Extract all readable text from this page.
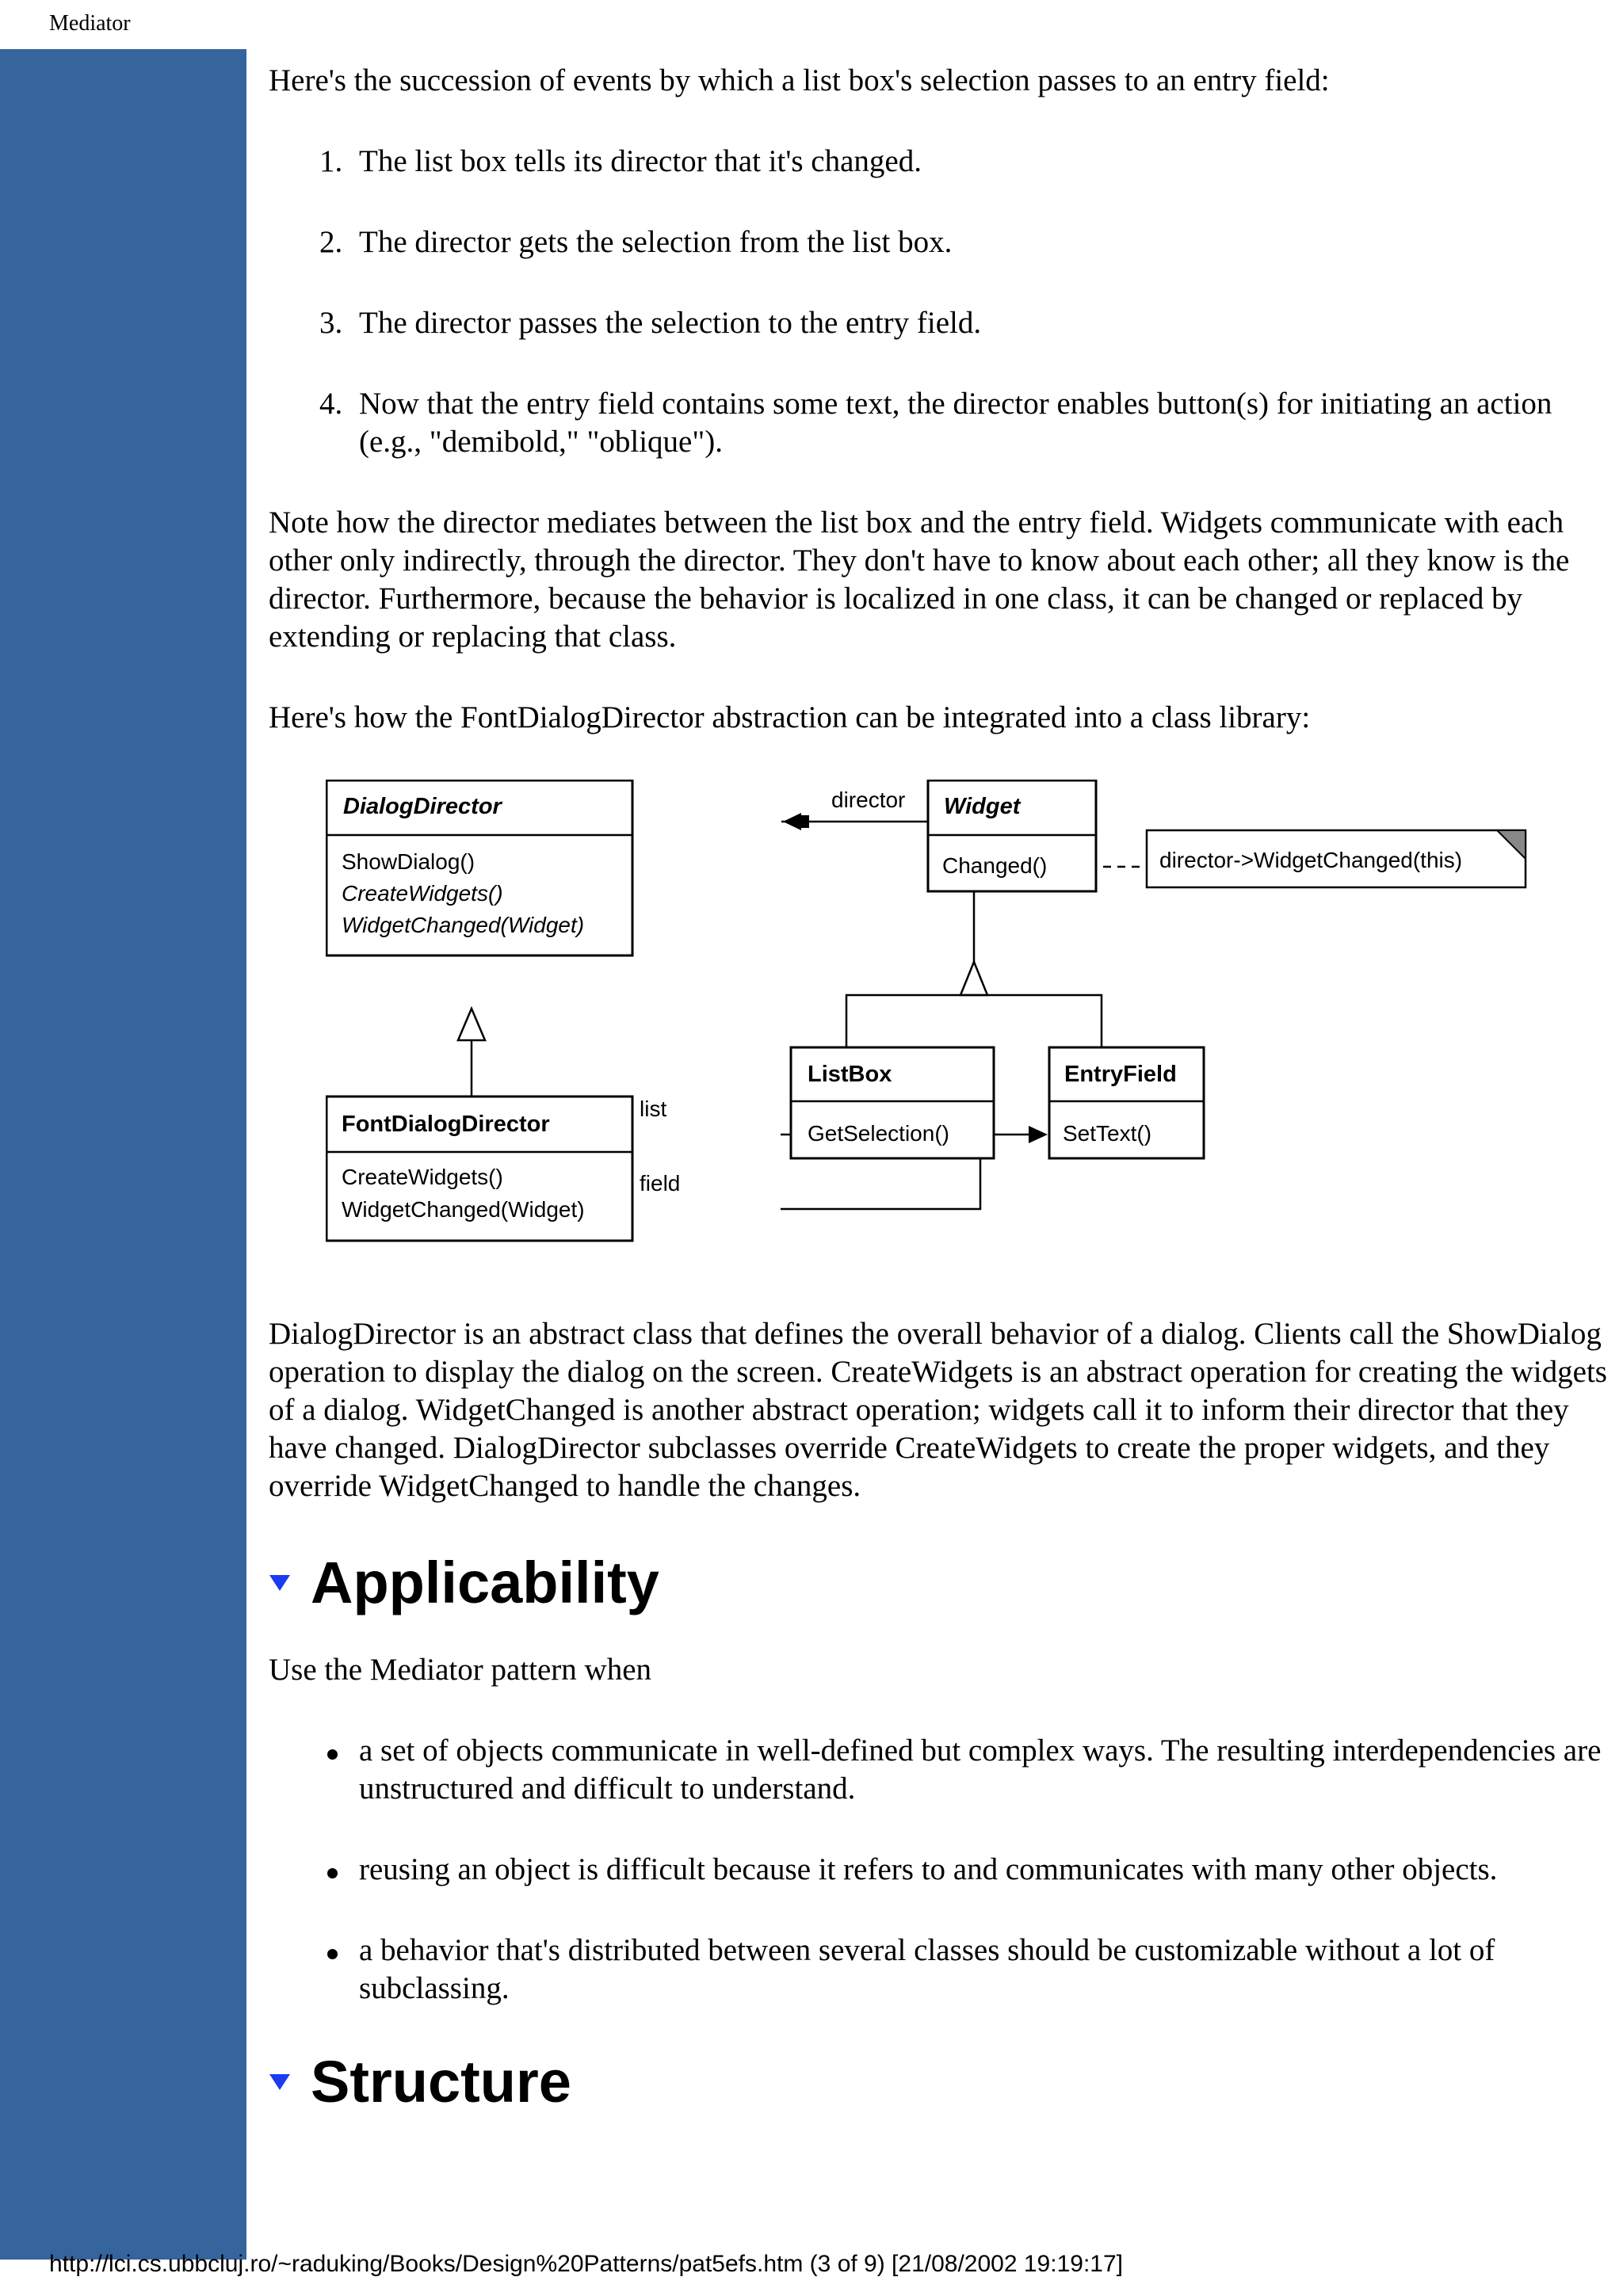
Mediator

Here's the succession of events by which a list box's selection passes to an entry field:

1. The list box tells its director that it's changed.
2. The director gets the selection from the list box.
3. The director passes the selection to the entry field.
4. Now that the entry field contains some text, the director enables button(s) for initiating an action (e.g., "demibold," "oblique").

Note how the director mediates between the list box and the entry field. Widgets communicate with each other only indirectly, through the director. They don't have to know about each other; all they know is the director. Furthermore, because the behavior is localized in one class, it can be changed or replaced by extending or replacing that class.

Here's how the FontDialogDirector abstraction can be integrated into a class library:

DialogDirector
ShowDialog()
CreateWidgets()
WidgetChanged(Widget)
Widget
Changed()	director->WidgetChanged(this)
FontDialogDirector
CreateWidgets()
WidgetChanged(Widget)
ListBox
GetSelection()
EntryField
SetText()
director
list
field

DialogDirector is an abstract class that defines the overall behavior of a dialog. Clients call the ShowDialog operation to display the dialog on the screen. CreateWidgets is an abstract operation for creating the widgets of a dialog. WidgetChanged is another abstract operation; widgets call it to inform their director that they have changed. DialogDirector subclasses override CreateWidgets to create the proper widgets, and they override WidgetChanged to handle the changes.

Applicability

Use the Mediator pattern when

a set of objects communicate in well-defined but complex ways. The resulting interdependencies are unstructured and difficult to understand.
reusing an object is difficult because it refers to and communicates with many other objects.
a behavior that's distributed between several classes should be customizable without a lot of subclassing.
Structure
http://lci.cs.ubbcluj.ro/~raduking/Books/Design%20Patterns/pat5efs.htm (3 of 9) [21/08/2002 19:19:17]
